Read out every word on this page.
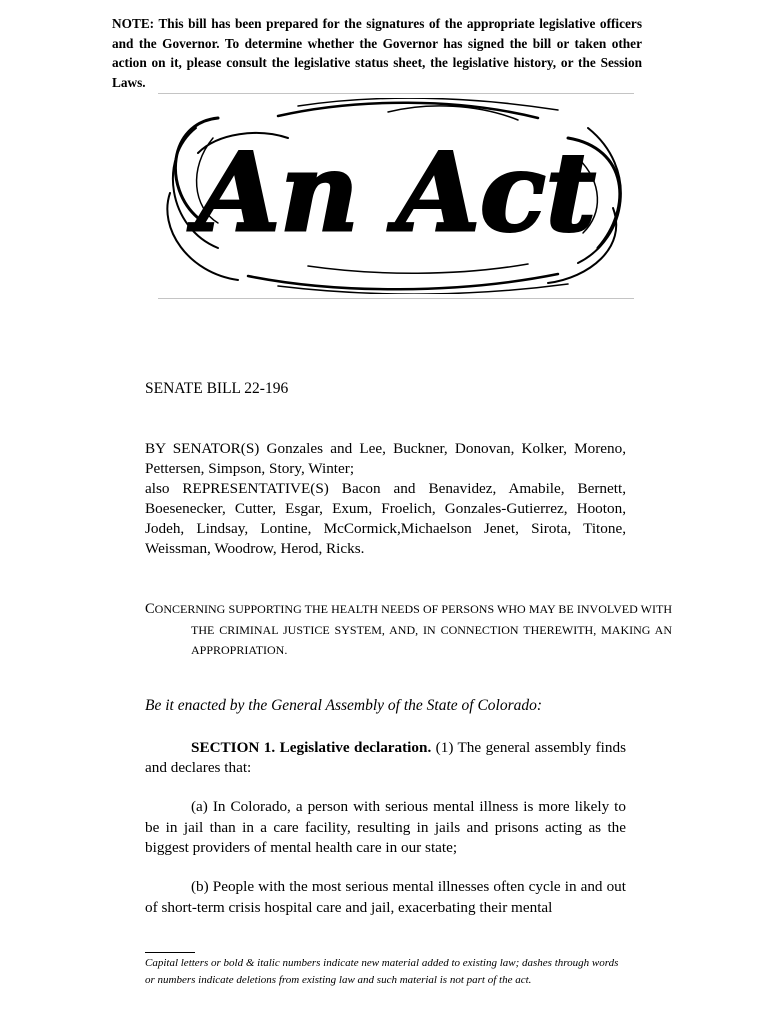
NOTE: This bill has been prepared for the signatures of the appropriate legislative officers and the Governor. To determine whether the Governor has signed the bill or taken other action on it, please consult the legislative status sheet, the legislative history, or the Session Laws.
An Act
SENATE BILL 22-196

BY SENATOR(S) Gonzales and Lee, Buckner, Donovan, Kolker, Moreno, Pettersen, Simpson, Story, Winter;

also REPRESENTATIVE(S) Bacon and Benavidez, Amabile, Bernett, Boesenecker, Cutter, Esgar, Exum, Froelich, Gonzales-Gutierrez, Hooton, Jodeh, Lindsay, Lontine, McCormick,Michaelson Jenet, Sirota, Titone, Weissman, Woodrow, Herod, Ricks.

CONCERNING SUPPORTING THE HEALTH NEEDS OF PERSONS WHO MAY BE INVOLVED WITH THE CRIMINAL JUSTICE SYSTEM, AND, IN CONNECTION THEREWITH, MAKING AN APPROPRIATION.
Be it enacted by the General Assembly of the State of Colorado:
SECTION 1. Legislative declaration. (1) The general assembly finds and declares that:
(a) In Colorado, a person with serious mental illness is more likely to be in jail than in a care facility, resulting in jails and prisons acting as the biggest providers of mental health care in our state;
(b) People with the most serious mental illnesses often cycle in and out of short-term crisis hospital care and jail, exacerbating their mental
Capital letters or bold & italic numbers indicate new material added to existing law; dashes through words or numbers indicate deletions from existing law and such material is not part of the act.
